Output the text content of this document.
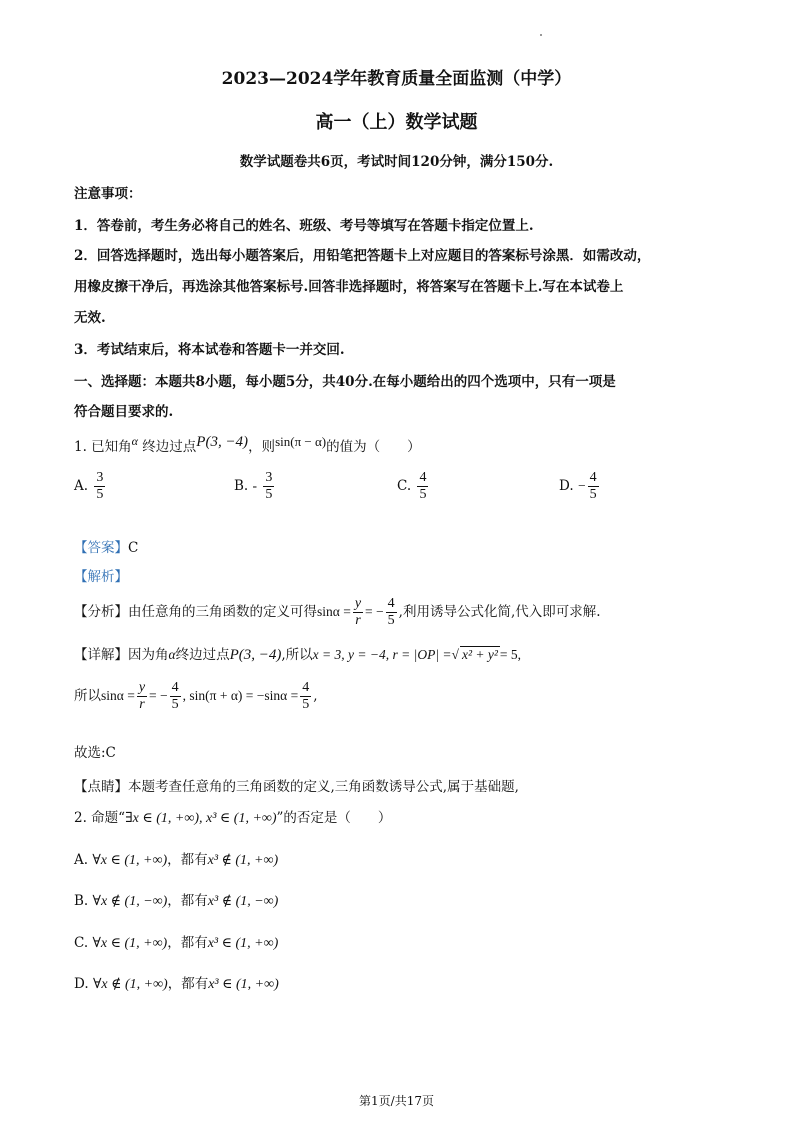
2023—2024学年教育质量全面监测（中学）
高一（上）数学试题
数学试题卷共6页，考试时间120分钟，满分150分.
注意事项：
1．答卷前，考生务必将自己的姓名、班级、考号等填写在答题卡指定位置上.
2．回答选择题时，选出每小题答案后，用铅笔把答题卡上对应题目的答案标号涂黑．如需改动，
用橡皮擦干净后，再选涂其他答案标号.回答非选择题时，将答案写在答题卡上.写在本试卷上
无效.
3．考试结束后，将本试卷和答题卡一并交回.
一、选择题：本题共8小题，每小题5分，共40分.在每小题给出的四个选项中，只有一项是
符合题目要求的.
1. 已知角α 终边过点P(3, −4)，则sin(π − α)的值为（　　）
A. $\frac{3}{5}$	B. - $\frac{3}{5}$	C. $\frac{4}{5}$	D. − $\frac{4}{5}$
【答案】C
【解析】
【分析】由任意角的三角函数的定义可得$\sin\alpha = \frac{y}{r}$ = − $\frac{4}{5}$ ,利用诱导公式化简,代入即可求解.
【详解】因为角α终边过点P(3, −4),所以x = 3, y = −4, r = |OP| =√ x² + y² = 5,
所以$\sin\alpha = \frac{y}{r}$ = − $\frac{4}{5}$ , $\sin(\pi + \alpha) = -\sin\alpha = \frac{4}{5}$ ,
故选:C
【点睛】本题考查任意角的三角函数的定义,三角函数诱导公式,属于基础题,
2. 命题“∃x ∈ (1, +∞), x³ ∈ (1, +∞)”的否定是（　　）
A. ∀x ∈ (1, +∞)，都有x³ ∉ (1, +∞)
B. ∀x ∉ (1, −∞)，都有x³ ∉ (1, −∞)
C. ∀x ∈ (1, +∞)，都有x³ ∈ (1, +∞)
D. ∀x ∉ (1, +∞)，都有x³ ∈ (1, +∞)
第1页/共17页
